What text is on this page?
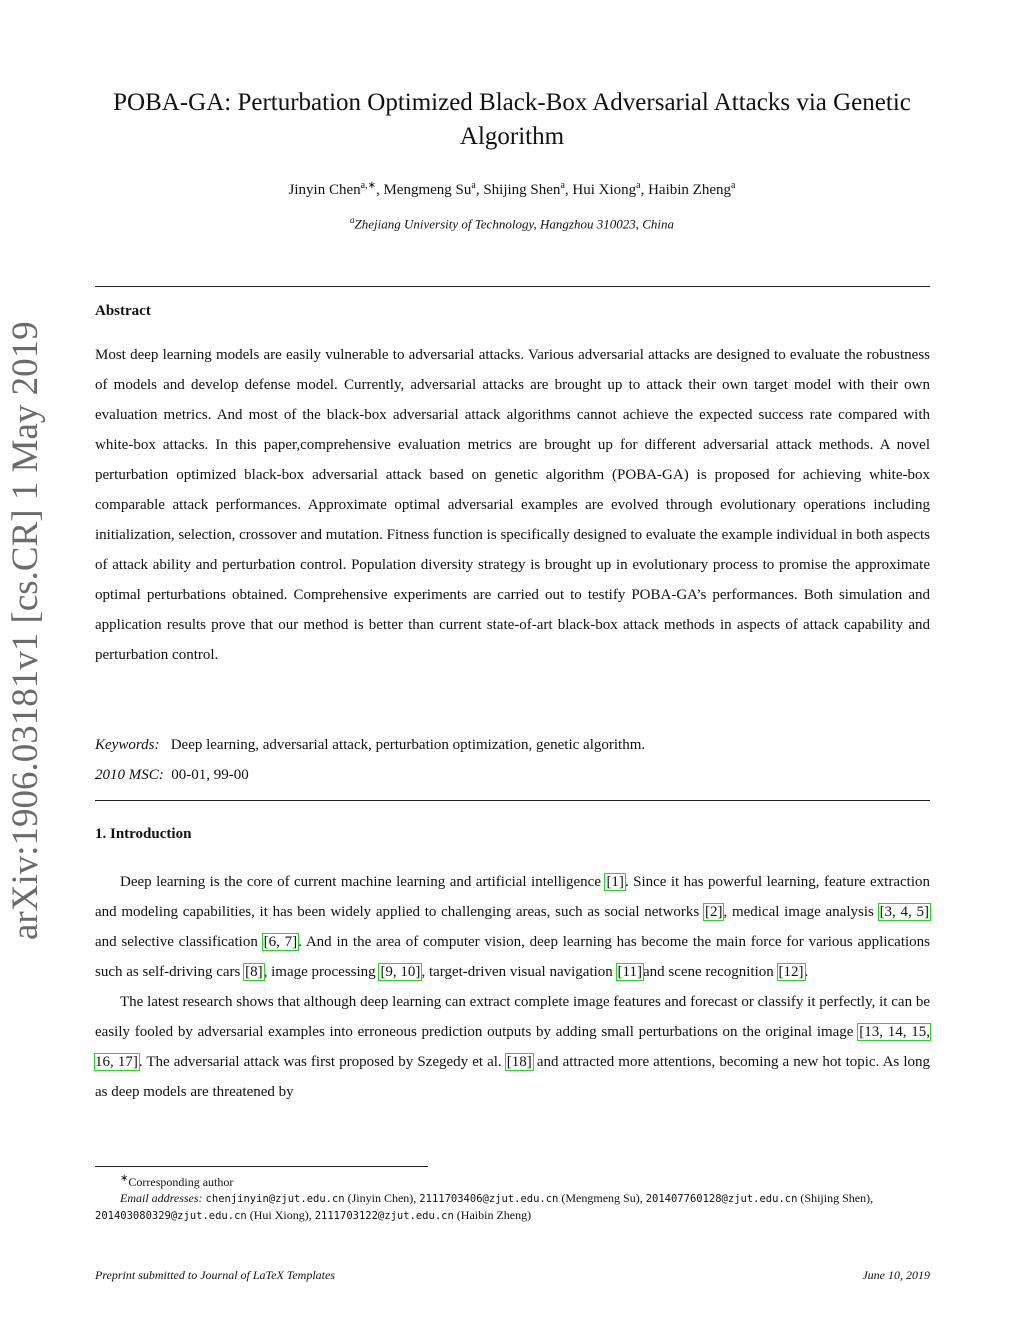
arXiv:1906.03181v1 [cs.CR] 1 May 2019
POBA-GA: Perturbation Optimized Black-Box Adversarial Attacks via Genetic
Algorithm
Jinyin Chen$^{a,∗}$, Mengmeng Su$^a$, Shijing Shen$^a$, Hui Xiong$^a$, Haibin Zheng$^a$
$^a$Zhejiang University of Technology, Hangzhou 310023, China
Abstract

Most deep learning models are easily vulnerable to adversarial attacks. Various adversarial attacks are designed to evaluate the robustness of models and develop defense model. Currently, adversarial attacks are brought up to attack their own target model with their own evaluation metrics. And most of the black-box adversarial attack algorithms cannot achieve the expected success rate compared with white-box attacks. In this paper,comprehensive evaluation metrics are brought up for different adversarial attack methods. A novel perturbation optimized black-box adversarial attack based on genetic algorithm (POBA-GA) is proposed for achieving white-box comparable attack performances. Approximate optimal adversarial examples are evolved through evolutionary operations including initialization, selection, crossover and mutation. Fitness function is specifically designed to evaluate the example individual in both aspects of attack ability and perturbation control. Population diversity strategy is brought up in evolutionary process to promise the approximate optimal perturbations obtained. Comprehensive experiments are carried out to testify POBA-GA’s performances. Both simulation and application results prove that our method is better than current state-of-art black-box attack methods in aspects of attack capability and perturbation control.

Keywords: Deep learning, adversarial attack, perturbation optimization, genetic algorithm.
2010 MSC: 00-01, 99-00
1. Introduction

Deep learning is the core of current machine learning and artificial intelligence [1]. Since it has powerful learning, feature extraction and modeling capabilities, it has been widely applied to challenging areas, such as social networks [2], medical image analysis [3, 4, 5] and selective classification [6, 7]. And in the area of computer vision, deep learning has become the main force for various applications such as self-driving cars [8], image processing [9, 10], target-driven visual navigation [11]and scene recognition [12].

The latest research shows that although deep learning can extract complete image features and forecast or classify it perfectly, it can be easily fooled by adversarial examples into erroneous prediction outputs by adding small perturbations on the original image [13, 14, 15, 16, 17]. The adversarial attack was first proposed by Szegedy et al. [18] and attracted more attentions, becoming a new hot topic. As long as deep models are threatened by

∗Corresponding author
Email addresses: chenjinyin@zjut.edu.cn (Jinyin Chen), 2111703406@zjut.edu.cn (Mengmeng Su), 201407760128@zjut.edu.cn (Shijing Shen), 201403080329@zjut.edu.cn (Hui Xiong), 2111703122@zjut.edu.cn (Haibin Zheng)
Preprint submitted to Journal of LaTeX Templates	June 10, 2019
